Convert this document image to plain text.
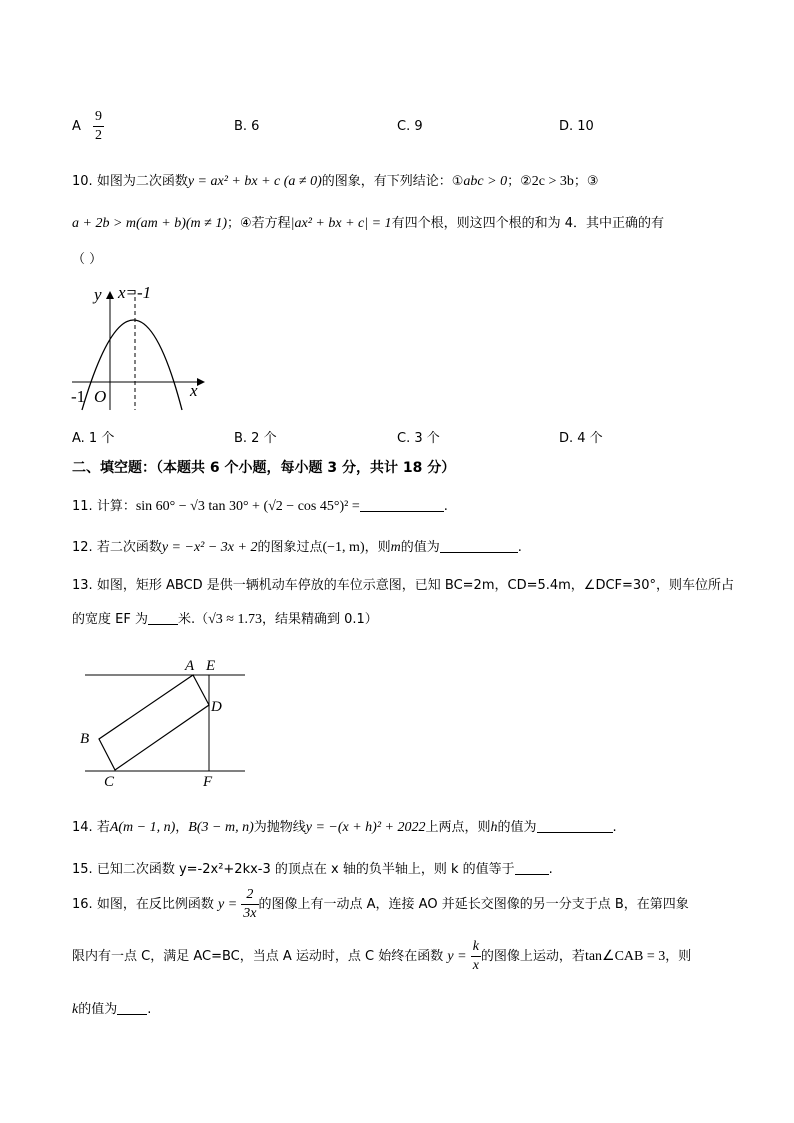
A $\frac{9}{2}$	B. 6	C. 9	D. 10
10. 如图为二次函数y = ax² + bx + c (a ≠ 0)的图象，有下列结论：①abc > 0；②2c > 3b；③
a + 2b > m(am + b)(m ≠ 1)；④若方程|ax² + bx + c| = 1有四个根，则这四个根的和为 4．其中正确的有
（ ）
x=-1
y
x
-1 O
A. 1 个	B. 2 个	C. 3 个	D. 4 个
二、填空题：（本题共 6 个小题，每小题 3 分，共计 18 分）
11. 计算：sin 60° − √3 tan 30° + (√2 − cos 45°)² =	.
12. 若二次函数y = −x² − 3x + 2的图象过点(−1, m)，则m的值为	.
13. 如图，矩形 ABCD 是供一辆机动车停放的车位示意图，已知 BC=2m，CD=5.4m，∠DCF=30°，则车位所占
的宽度 EF 为 米.（√3 ≈ 1.73，结果精确到 0.1）
A E
D
B
C	F
14. 若A(m − 1, n)，B(3 − m, n)为抛物线y = −(x + h)² + 2022上两点，则h的值为	.
15. 已知二次函数 y=-2x²+2kx-3 的顶点在 x 轴的负半轴上，则 k 的值等于	.
16. 如图，在反比例函数 $y = \frac{2}{3x}$ 的图像上有一动点 A，连接 AO 并延长交图像的另一分支于点 B，在第四象
限内有一点 C，满足 AC=BC，当点 A 运动时，点 C 始终在函数 $y = \frac{k}{x}$ 的图像上运动，若tan∠CAB = 3，则
k的值为 .
